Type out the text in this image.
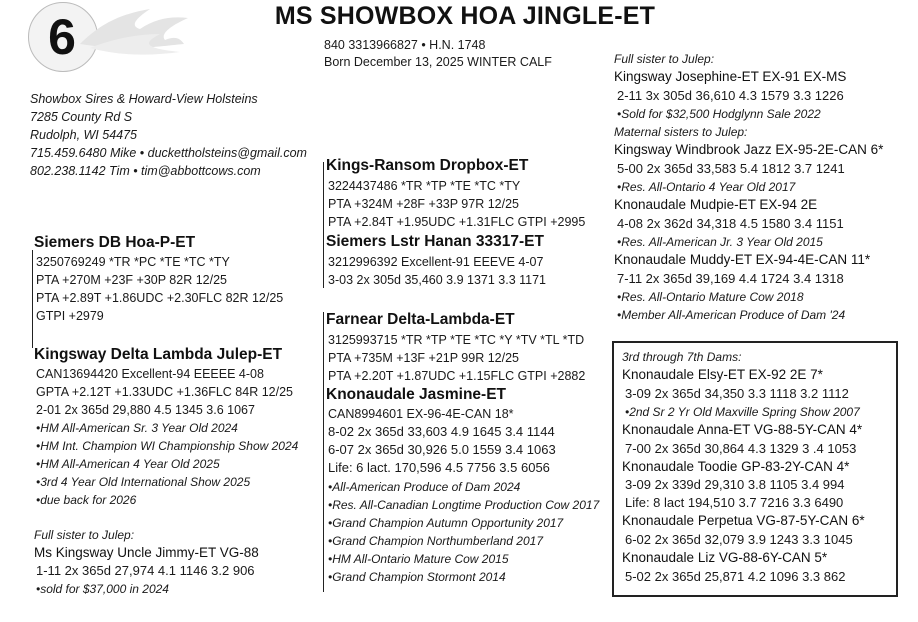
6	MS SHOWBOX HOA JINGLE-ET
840 3313966827 • H.N. 1748
Born December 13, 2025 WINTER CALF
Showbox Sires & Howard-View Holsteins
7285 County Rd S
Rudolph, WI 54475
715.459.6480 Mike • duckettholsteins@gmail.com
802.238.1142 Tim • tim@abbottcows.com	Kings-Ransom Dropbox-ET
3224437486 *TR *TP *TE *TC *TY
PTA +324M +28F +33P 97R 12/25
PTA +2.84T +1.95UDC +1.31FLC GTPI +2995
Siemers Lstr Hanan 33317-ET
3212996392 Excellent-91 EEEVE 4-07
3-03 2x 305d 35,460 3.9 1371 3.3 1171
Siemers DB Hoa-P-ET
3250769249 *TR *PC *TE *TC *TY
PTA +270M +23F +30P 82R 12/25
PTA +2.89T +1.86UDC +2.30FLC 82R 12/25
GTPI +2979	Farnear Delta-Lambda-ET
3125993715 *TR *TP *TE *TC *Y *TV *TL *TD
PTA +735M +13F +21P 99R 12/25
PTA +2.20T +1.87UDC +1.15FLC GTPI +2882
Kingsway Delta Lambda Julep-ET
CAN13694420 Excellent-94 EEEEE 4-08
GPTA +2.12T +1.33UDC +1.36FLC 84R 12/25
2-01 2x 365d 29,880 4.5 1345 3.6 1067
•HM All-American Sr. 3 Year Old 2024
•HM Int. Champion WI Championship Show 2024
•HM All-American 4 Year Old 2025
•3rd 4 Year Old International Show 2025
•due back for 2026
Knonaudale Jasmine-ET
CAN8994601 EX-96-4E-CAN 18*
8-02 2x 365d 33,603 4.9 1645 3.4 1144
6-07 2x 365d 30,926 5.0 1559 3.4 1063
Life: 6 lact. 170,596 4.5 7756 3.5 6056
•All-American Produce of Dam 2024
•Res. All-Canadian Longtime Production Cow 2017
•Grand Champion Autumn Opportunity 2017
•Grand Champion Northumberland 2017
•HM All-Ontario Mature Cow 2015
•Grand Champion Stormont 2014
Full sister to Julep:
Ms Kingsway Uncle Jimmy-ET VG-88
1-11 2x 365d 27,974 4.1 1146 3.2 906
•sold for $37,000 in 2024
Full sister to Julep:
Kingsway Josephine-ET EX-91 EX-MS
2-11 3x 305d 36,610 4.3 1579 3.3 1226
•Sold for $32,500 Hodglynn Sale 2022
Maternal sisters to Julep:
Kingsway Windbrook Jazz EX-95-2E-CAN 6*
5-00 2x 365d 33,583 5.4 1812 3.7 1241
•Res. All-Ontario 4 Year Old 2017
Knonaudale Mudpie-ET EX-94 2E
4-08 2x 362d 34,318 4.5 1580 3.4 1151
•Res. All-American Jr. 3 Year Old 2015
Knonaudale Muddy-ET EX-94-4E-CAN 11*
7-11 2x 365d 39,169 4.4 1724 3.4 1318
•Res. All-Ontario Mature Cow 2018
•Member All-American Produce of Dam '24
3rd through 7th Dams:
Knonaudale Elsy-ET EX-92 2E 7*
3-09 2x 365d 34,350 3.3 1118 3.2 1112
•2nd Sr 2 Yr Old Maxville Spring Show 2007
Knonaudale Anna-ET VG-88-5Y-CAN 4*
7-00 2x 365d 30,864 4.3 1329 3 .4 1053
Knonaudale Toodie GP-83-2Y-CAN 4*
3-09 2x 339d 29,310 3.8 1105 3.4 994
Life: 8 lact 194,510 3.7 7216 3.3 6490
Knonaudale Perpetua VG-87-5Y-CAN 6*
6-02 2x 365d 32,079 3.9 1243 3.3 1045
Knonaudale Liz VG-88-6Y-CAN 5*
5-02 2x 365d 25,871 4.2 1096 3.3 862
